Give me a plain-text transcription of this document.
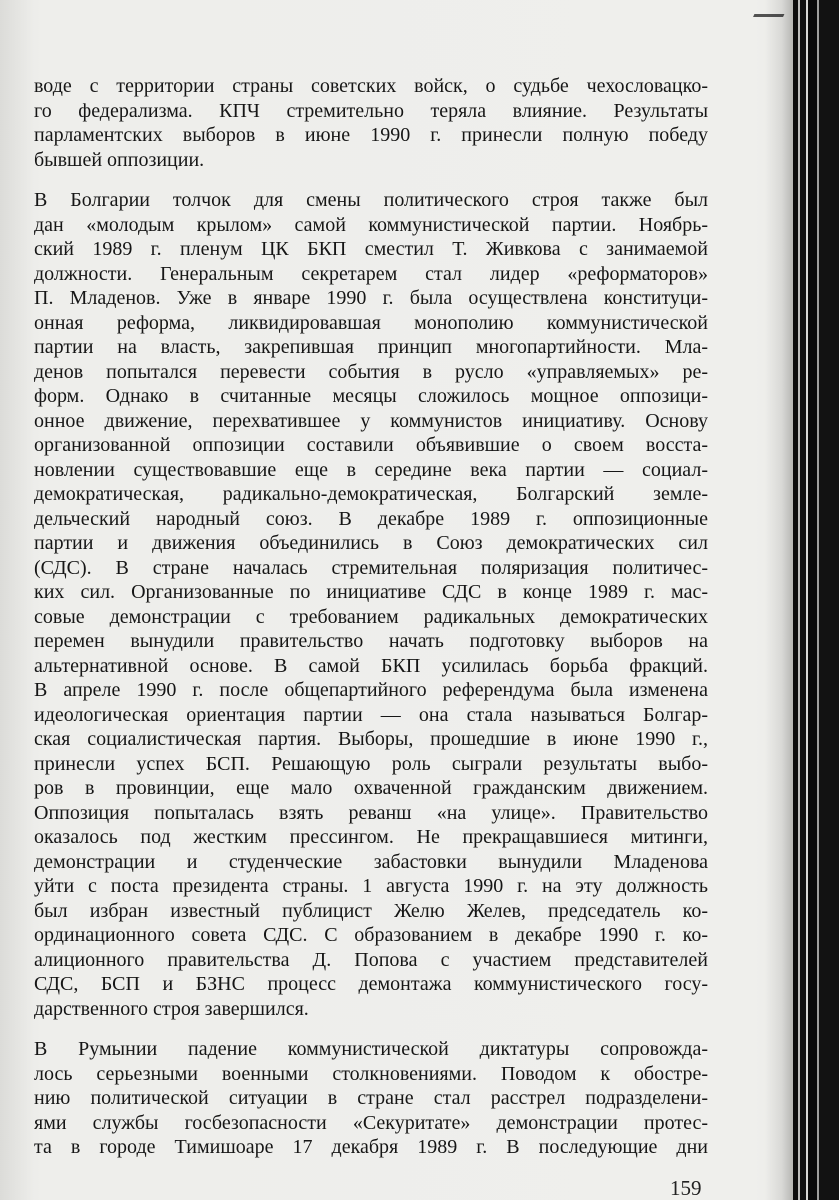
воде с территории страны советских войск, о судьбе чехословацко-
го федерализма. КПЧ стремительно теряла влияние. Результаты
парламентских выборов в июне 1990 г. принесли полную победу
бывшей оппозиции.
В Болгарии толчок для смены политического строя также был
дан «молодым крылом» самой коммунистической партии. Ноябрь-
ский 1989 г. пленум ЦК БКП сместил Т. Живкова с занимаемой
должности. Генеральным секретарем стал лидер «реформаторов»
П. Младенов. Уже в январе 1990 г. была осуществлена конституци-
онная реформа, ликвидировавшая монополию коммунистической
партии на власть, закрепившая принцип многопартийности. Мла-
денов попытался перевести события в русло «управляемых» ре-
форм. Однако в считанные месяцы сложилось мощное оппозици-
онное движение, перехватившее у коммунистов инициативу. Основу
организованной оппозиции составили объявившие о своем восста-
новлении существовавшие еще в середине века партии — социал-
демократическая, радикально-демократическая, Болгарский земле-
дельческий народный союз. В декабре 1989 г. оппозиционные
партии и движения объединились в Союз демократических сил
(СДС). В стране началась стремительная поляризация политичес-
ких сил. Организованные по инициативе СДС в конце 1989 г. мас-
совые демонстрации с требованием радикальных демократических
перемен вынудили правительство начать подготовку выборов на
альтернативной основе. В самой БКП усилилась борьба фракций.
В апреле 1990 г. после общепартийного референдума была изменена
идеологическая ориентация партии — она стала называться Болгар-
ская социалистическая партия. Выборы, прошедшие в июне 1990 г.,
принесли успех БСП. Решающую роль сыграли результаты выбо-
ров в провинции, еще мало охваченной гражданским движением.
Оппозиция попыталась взять реванш «на улице». Правительство
оказалось под жестким прессингом. Не прекращавшиеся митинги,
демонстрации и студенческие забастовки вынудили Младенова
уйти с поста президента страны. 1 августа 1990 г. на эту должность
был избран известный публицист Желю Желев, председатель ко-
ординационного совета СДС. С образованием в декабре 1990 г. ко-
алиционного правительства Д. Попова с участием представителей
СДС, БСП и БЗНС процесс демонтажа коммунистического госу-
дарственного строя завершился.
В Румынии падение коммунистической диктатуры сопровожда-
лось серьезными военными столкновениями. Поводом к обостре-
нию политической ситуации в стране стал расстрел подразделени-
ями службы госбезопасности «Секуритате» демонстрации протес-
та в городе Тимишоаре 17 декабря 1989 г. В последующие дни
159
